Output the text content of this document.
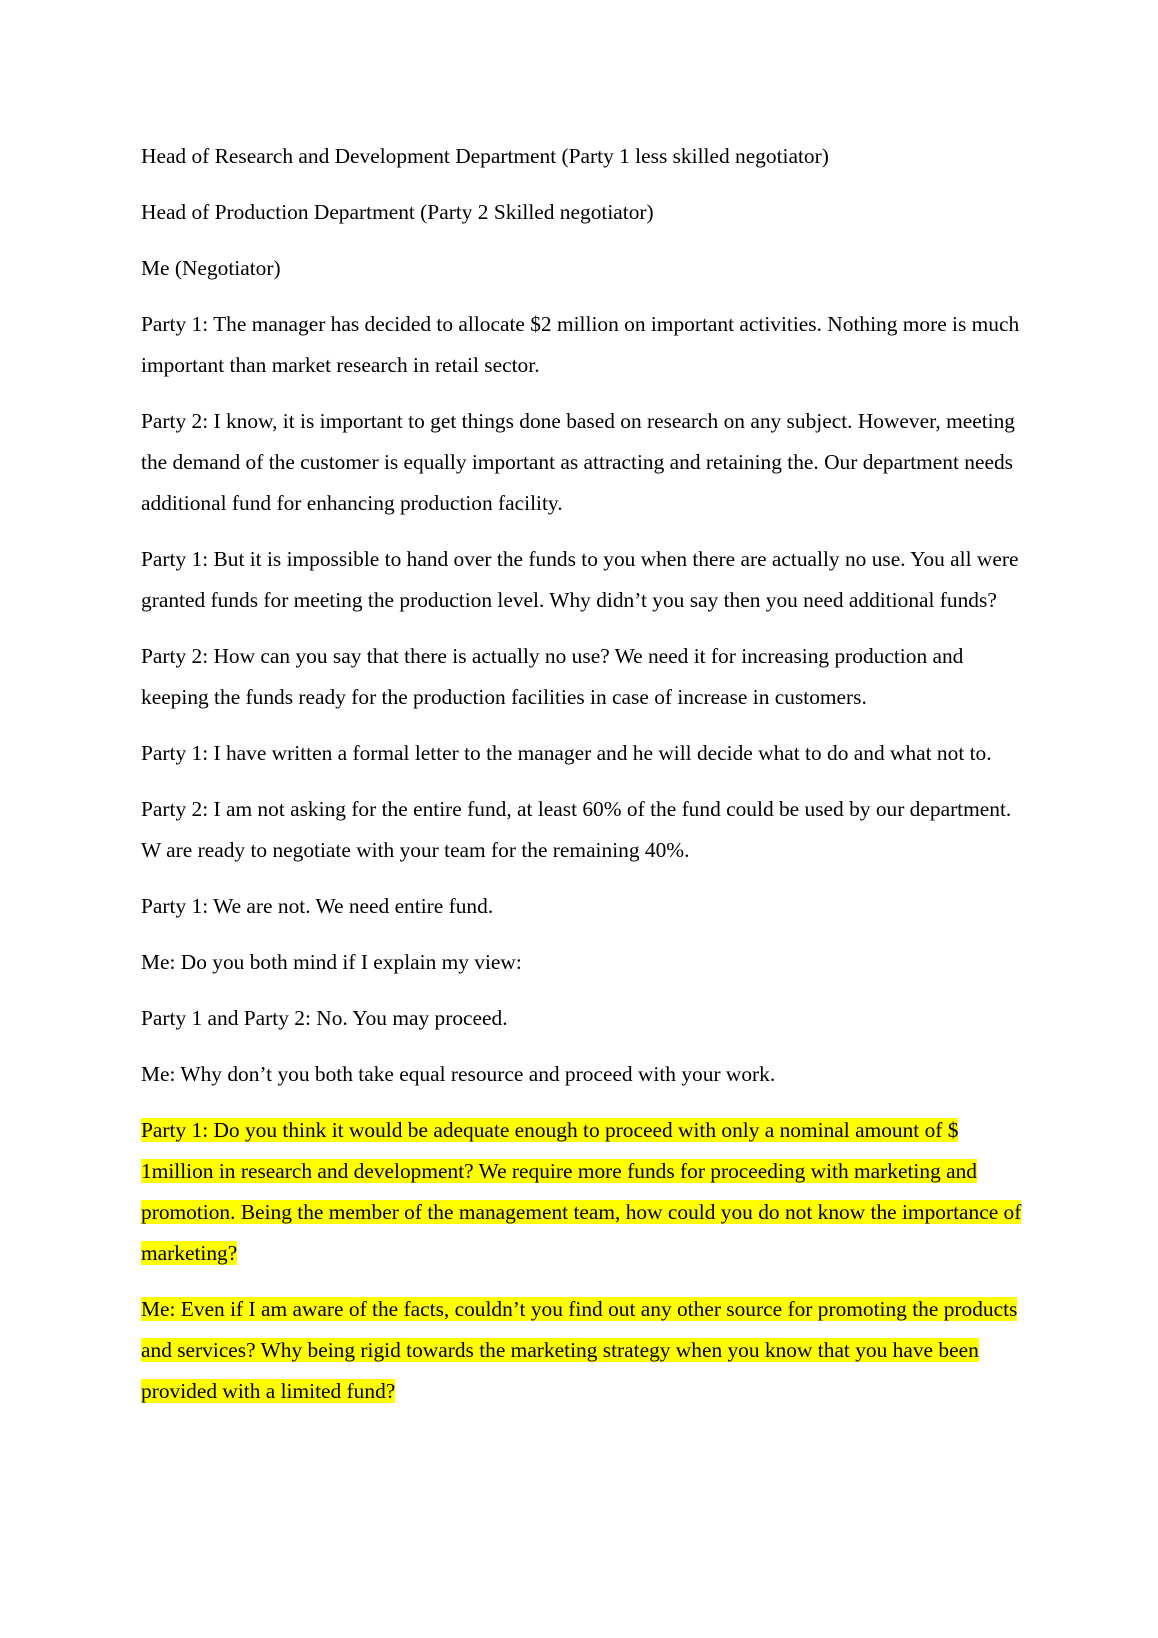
Head of Research and Development Department (Party 1 less skilled negotiator)

Head of Production Department (Party 2 Skilled negotiator)

Me (Negotiator)

Party 1: The manager has decided to allocate $2 million on important activities. Nothing more is much important than market research in retail sector.

Party 2: I know, it is important to get things done based on research on any subject. However, meeting the demand of the customer is equally important as attracting and retaining the. Our department needs additional fund for enhancing production facility.

Party 1: But it is impossible to hand over the funds to you when there are actually no use. You all were granted funds for meeting the production level. Why didn’t you say then you need additional funds?

Party 2: How can you say that there is actually no use? We need it for increasing production and keeping the funds ready for the production facilities in case of increase in customers.

Party 1: I have written a formal letter to the manager and he will decide what to do and what not to.

Party 2: I am not asking for the entire fund, at least 60% of the fund could be used by our department. W are ready to negotiate with your team for the remaining 40%.

Party 1: We are not. We need entire fund.

Me: Do you both mind if I explain my view:

Party 1 and Party 2: No. You may proceed.

Me: Why don’t you both take equal resource and proceed with your work.

Party 1: Do you think it would be adequate enough to proceed with only a nominal amount of $ 1million in research and development? We require more funds for proceeding with marketing and promotion. Being the member of the management team, how could you do not know the importance of marketing?

Me: Even if I am aware of the facts, couldn’t you find out any other source for promoting the products and services? Why being rigid towards the marketing strategy when you know that you have been provided with a limited fund?
